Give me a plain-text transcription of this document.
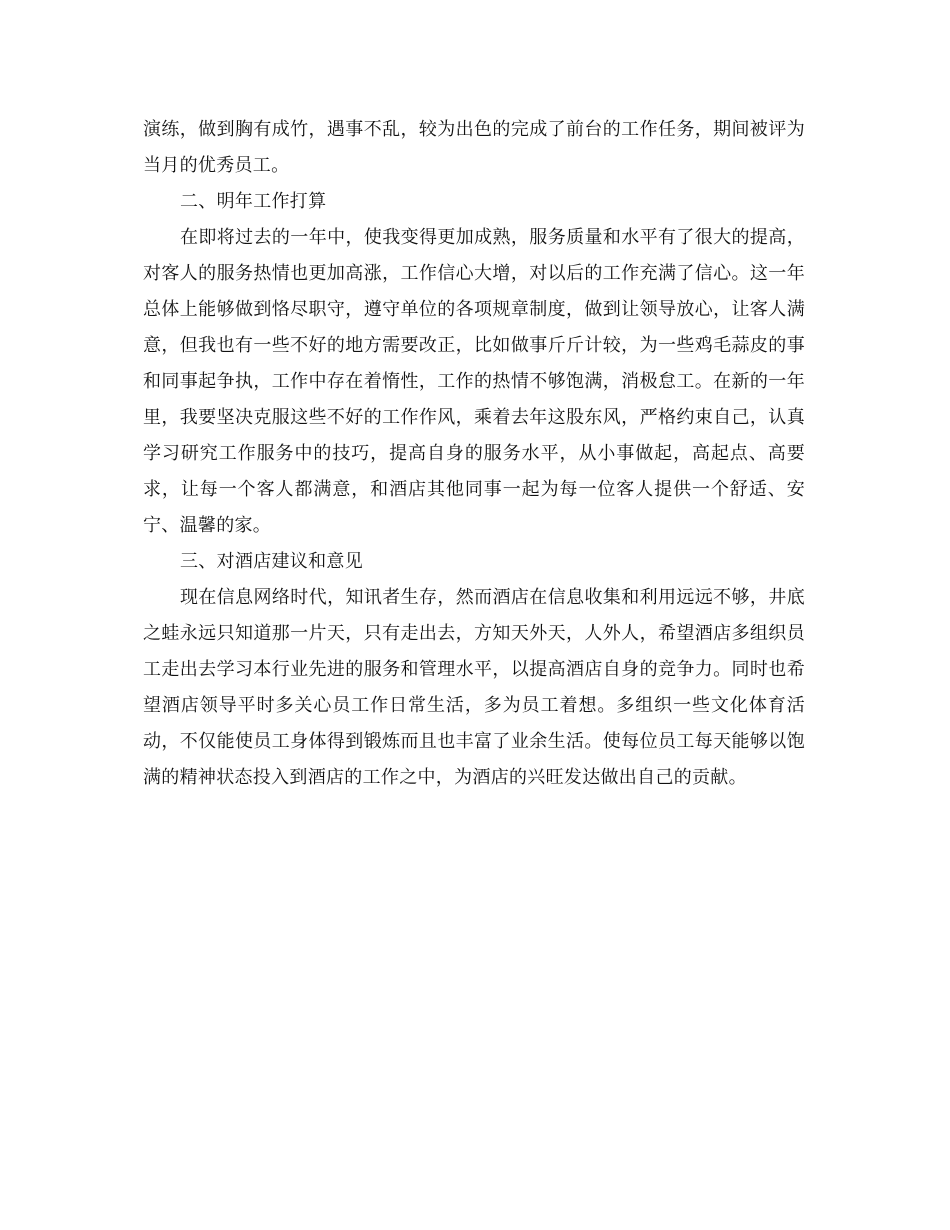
演练，做到胸有成竹，遇事不乱，较为出色的完成了前台的工作任务，期间被评为当月的优秀员工。

二、明年工作打算

在即将过去的一年中，使我变得更加成熟，服务质量和水平有了很大的提高，对客人的服务热情也更加高涨，工作信心大增，对以后的工作充满了信心。这一年总体上能够做到恪尽职守，遵守单位的各项规章制度，做到让领导放心，让客人满意，但我也有一些不好的地方需要改正，比如做事斤斤计较，为一些鸡毛蒜皮的事和同事起争执，工作中存在着惰性，工作的热情不够饱满，消极怠工。在新的一年里，我要坚决克服这些不好的工作作风，乘着去年这股东风，严格约束自己，认真学习研究工作服务中的技巧，提高自身的服务水平，从小事做起，高起点、高要求，让每一个客人都满意，和酒店其他同事一起为每一位客人提供一个舒适、安宁、温馨的家。

三、对酒店建议和意见

现在信息网络时代，知讯者生存，然而酒店在信息收集和利用远远不够，井底之蛙永远只知道那一片天，只有走出去，方知天外天，人外人，希望酒店多组织员工走出去学习本行业先进的服务和管理水平，以提高酒店自身的竞争力。同时也希望酒店领导平时多关心员工作日常生活，多为员工着想。多组织一些文化体育活动，不仅能使员工身体得到锻炼而且也丰富了业余生活。使每位员工每天能够以饱满的精神状态投入到酒店的工作之中，为酒店的兴旺发达做出自己的贡献。
